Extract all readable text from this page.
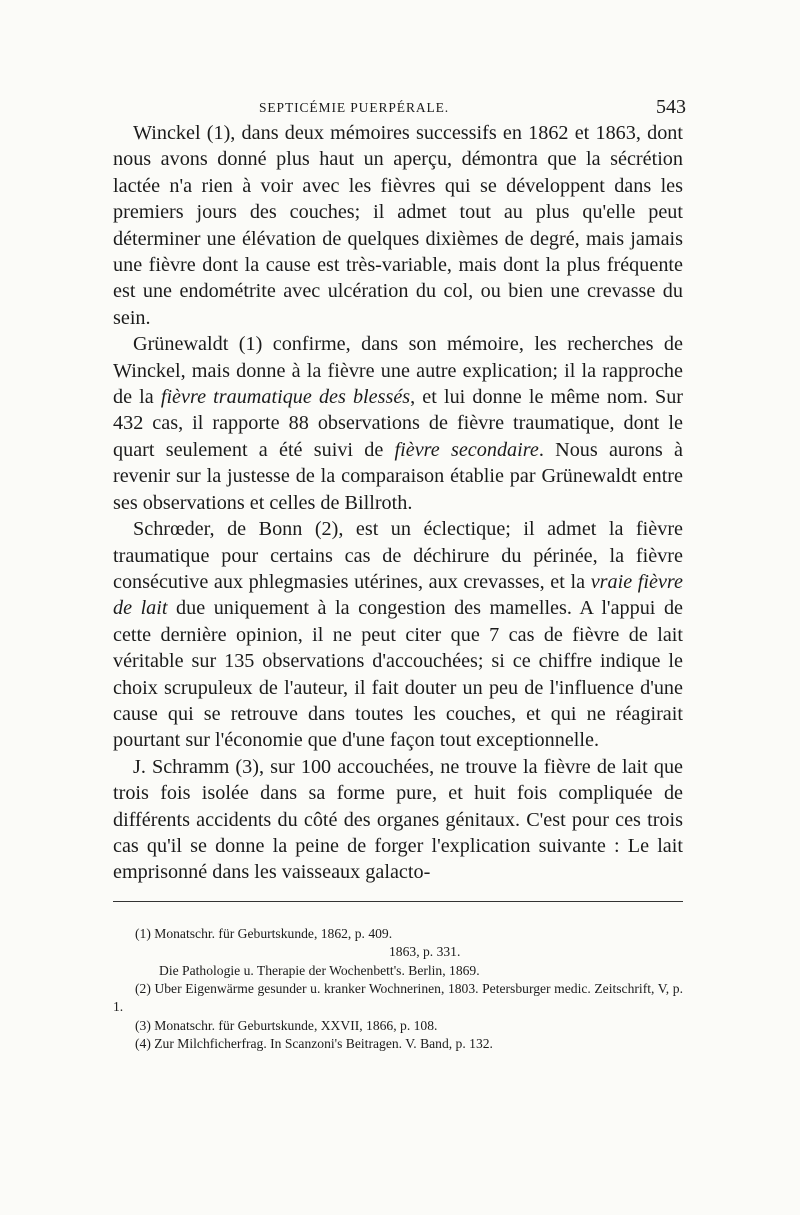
SEPTICÉMIE PUERPÉRALE.	543

Winckel (1), dans deux mémoires successifs en 1862 et 1863, dont nous avons donné plus haut un aperçu, démontra que la sécrétion lactée n'a rien à voir avec les fièvres qui se développent dans les premiers jours des couches; il admet tout au plus qu'elle peut déterminer une élévation de quelques dixièmes de degré, mais jamais une fièvre dont la cause est très-variable, mais dont la plus fréquente est une endométrite avec ulcération du col, ou bien une crevasse du sein.

Grünewaldt (1) confirme, dans son mémoire, les recherches de Winckel, mais donne à la fièvre une autre explication; il la rapproche de la fièvre traumatique des blessés, et lui donne le même nom. Sur 432 cas, il rapporte 88 observations de fièvre traumatique, dont le quart seulement a été suivi de fièvre secondaire. Nous aurons à revenir sur la justesse de la comparaison établie par Grünewaldt entre ses observations et celles de Billroth.

Schrœder, de Bonn (2), est un éclectique; il admet la fièvre traumatique pour certains cas de déchirure du périnée, la fièvre consécutive aux phlegmasies utérines, aux crevasses, et la vraie fièvre de lait due uniquement à la congestion des mamelles. A l'appui de cette dernière opinion, il ne peut citer que 7 cas de fièvre de lait véritable sur 135 observations d'accouchées; si ce chiffre indique le choix scrupuleux de l'auteur, il fait douter un peu de l'influence d'une cause qui se retrouve dans toutes les couches, et qui ne réagirait pourtant sur l'économie que d'une façon tout exceptionnelle.

J. Schramm (3), sur 100 accouchées, ne trouve la fièvre de lait que trois fois isolée dans sa forme pure, et huit fois compliquée de différents accidents du côté des organes génitaux. C'est pour ces trois cas qu'il se donne la peine de forger l'explication suivante : Le lait emprisonné dans les vaisseaux galacto-

(1) Monatschr. für Geburtskunde, 1862, p. 409.

1863, p. 331.

Die Pathologie u. Therapie der Wochenbett's. Berlin, 1869.

(2) Uber Eigenwärme gesunder u. kranker Wochnerinen, 1803. Petersburger medic. Zeitschrift, V, p. 1.

(3) Monatschr. für Geburtskunde, XXVII, 1866, p. 108.

(4) Zur Milchficherfrag. In Scanzoni's Beitragen. V. Band, p. 132.
